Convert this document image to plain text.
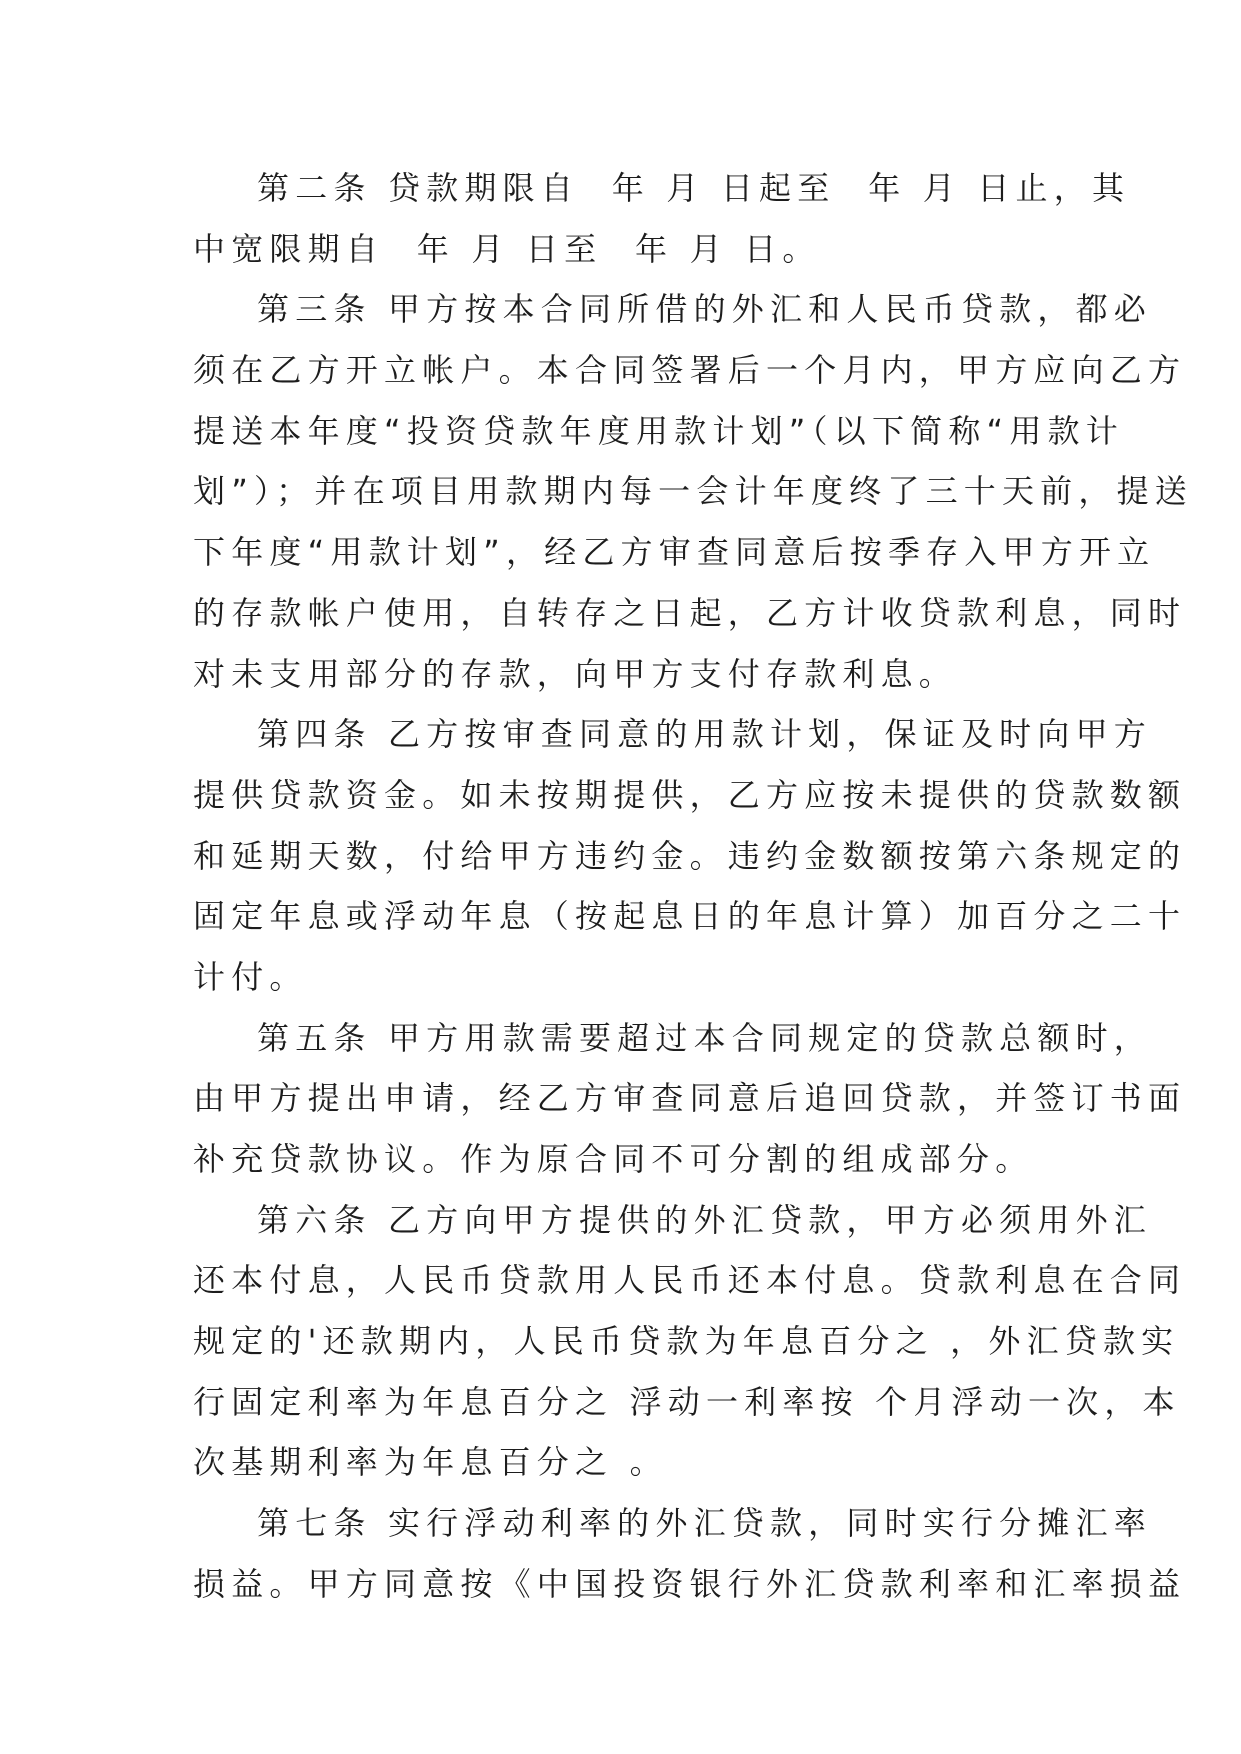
第二条 贷款期限自  年 月 日起至  年 月 日止，其
中宽限期自  年 月 日至  年 月 日。
第三条 甲方按本合同所借的外汇和人民币贷款，都必
须在乙方开立帐户。本合同签署后一个月内，甲方应向乙方
提送本年度“投资贷款年度用款计划”（以下简称“用款计
划”）；并在项目用款期内每一会计年度终了三十天前，提送
下年度“用款计划”，经乙方审查同意后按季存入甲方开立
的存款帐户使用，自转存之日起，乙方计收贷款利息，同时
对未支用部分的存款，向甲方支付存款利息。
第四条 乙方按审查同意的用款计划，保证及时向甲方
提供贷款资金。如未按期提供，乙方应按未提供的贷款数额
和延期天数，付给甲方违约金。违约金数额按第六条规定的
固定年息或浮动年息（按起息日的年息计算）加百分之二十
计付。
第五条 甲方用款需要超过本合同规定的贷款总额时，
由甲方提出申请，经乙方审查同意后追回贷款，并签订书面
补充贷款协议。作为原合同不可分割的组成部分。
第六条 乙方向甲方提供的外汇贷款，甲方必须用外汇
还本付息，人民币贷款用人民币还本付息。贷款利息在合同
规定的'还款期内，人民币贷款为年息百分之 ，外汇贷款实
行固定利率为年息百分之 浮动一利率按 个月浮动一次，本
次基期利率为年息百分之 。
第七条 实行浮动利率的外汇贷款，同时实行分摊汇率
损益。甲方同意按《中国投资银行外汇贷款利率和汇率损益
